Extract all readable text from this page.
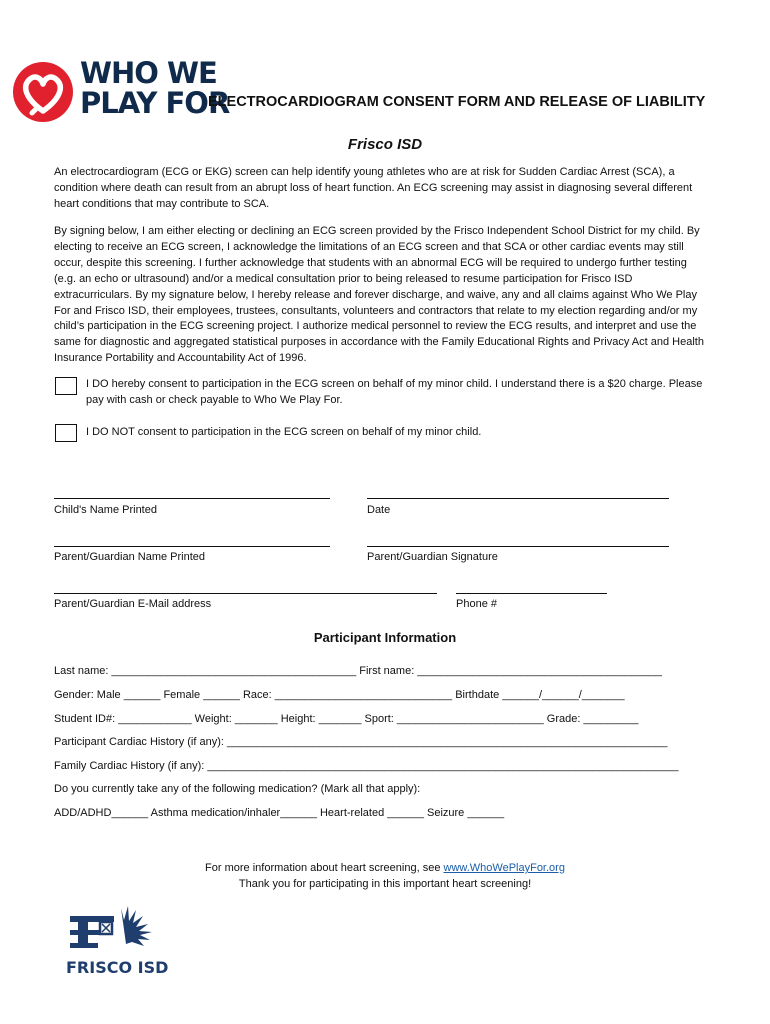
WHO WE
PLAY FOR
ELECTROCARDIOGRAM CONSENT FORM AND RELEASE OF LIABILITY
Frisco ISD
An electrocardiogram (ECG or EKG) screen can help identify young athletes who are at risk for Sudden Cardiac Arrest (SCA), a condition where death can result from an abrupt loss of heart function. An ECG screening may assist in diagnosing several different heart conditions that may contribute to SCA.
By signing below, I am either electing or declining an ECG screen provided by the Frisco Independent School District for my child. By electing to receive an ECG screen, I acknowledge the limitations of an ECG screen and that SCA or other cardiac events may still occur, despite this screening. I further acknowledge that students with an abnormal ECG will be required to undergo further testing (e.g. an echo or ultrasound) and/or a medical consultation prior to being released to resume participation for Frisco ISD extracurriculars. By my signature below, I hereby release and forever discharge, and waive, any and all claims against Who We Play For and Frisco ISD, their employees, trustees, consultants, volunteers and contractors that relate to my election regarding and/or my child’s participation in the ECG screening project. I authorize medical personnel to review the ECG results, and interpret and use the same for diagnostic and aggregated statistical purposes in accordance with the Family Educational Rights and Privacy Act and Health Insurance Portability and Accountability Act of 1996.
I DO hereby consent to participation in the ECG screen on behalf of my minor child. I understand there is a $20 charge. Please pay with cash or check payable to Who We Play For.
I DO NOT consent to participation in the ECG screen on behalf of my minor child.
Child's Name Printed	Date
Parent/Guardian Name Printed	Parent/Guardian Signature
Parent/Guardian E-Mail address	Phone #
Participant Information
Last name: ________________________________________ First name: ________________________________________
Gender: Male ______ Female ______ Race: _____________________________ Birthdate ______/______/_______
Student ID#: ____________ Weight: _______ Height: _______ Sport: ________________________ Grade: _________
Participant Cardiac History (if any): ________________________________________________________________________
Family Cardiac History (if any): _____________________________________________________________________________
Do you currently take any of the following medication? (Mark all that apply):
ADD/ADHD______ Asthma medication/inhaler______ Heart-related ______ Seizure ______
For more information about heart screening, see www.WhoWePlayFor.org
Thank you for participating in this important heart screening!
FRISCO ISD
